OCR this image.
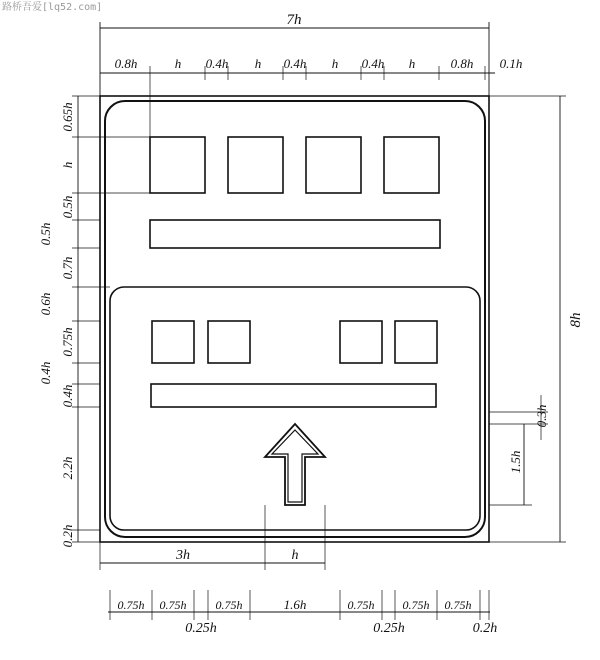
路桥吾爱[lq52.com]
7h
0.8h	h 0.4h h 0.4h h 0.4h h	0.8h 0.1h
0.65h
h
0.5h
0.5h
0.7h
0.6h
0.75h
0.4h
0.4h
2.2h
0.2h
8h
0.3h
1.5h
3h	h
0.75h 0.75h 0.75h	1.6h	0.75h 0.75h 0.75h
0.25h	0.25h	0.2h
